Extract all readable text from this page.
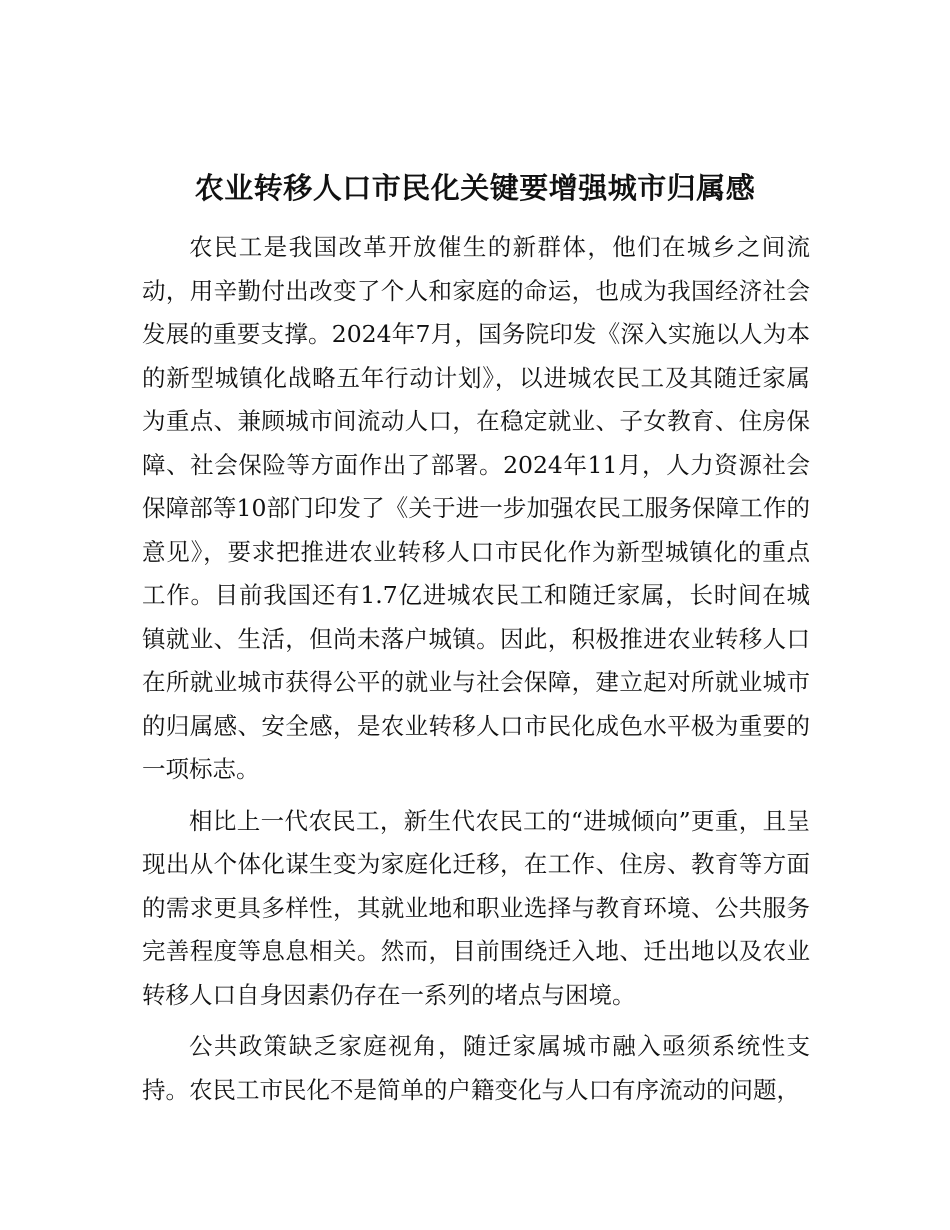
农业转移人口市民化关键要增强城市归属感

农民工是我国改革开放催生的新群体，他们在城乡之间流动，用辛勤付出改变了个人和家庭的命运，也成为我国经济社会发展的重要支撑。2024年7月，国务院印发《深入实施以人为本的新型城镇化战略五年行动计划》，以进城农民工及其随迁家属为重点、兼顾城市间流动人口，在稳定就业、子女教育、住房保障、社会保险等方面作出了部署。2024年11月，人力资源社会保障部等10部门印发了《关于进一步加强农民工服务保障工作的意见》，要求把推进农业转移人口市民化作为新型城镇化的重点工作。目前我国还有1.7亿进城农民工和随迁家属，长时间在城镇就业、生活，但尚未落户城镇。因此，积极推进农业转移人口在所就业城市获得公平的就业与社会保障，建立起对所就业城市的归属感、安全感，是农业转移人口市民化成色水平极为重要的一项标志。

相比上一代农民工，新生代农民工的“进城倾向”更重，且呈现出从个体化谋生变为家庭化迁移，在工作、住房、教育等方面的需求更具多样性，其就业地和职业选择与教育环境、公共服务完善程度等息息相关。然而，目前围绕迁入地、迁出地以及农业转移人口自身因素仍存在一系列的堵点与困境。

公共政策缺乏家庭视角，随迁家属城市融入亟须系统性支持。农民工市民化不是简单的户籍变化与人口有序流动的问题，
